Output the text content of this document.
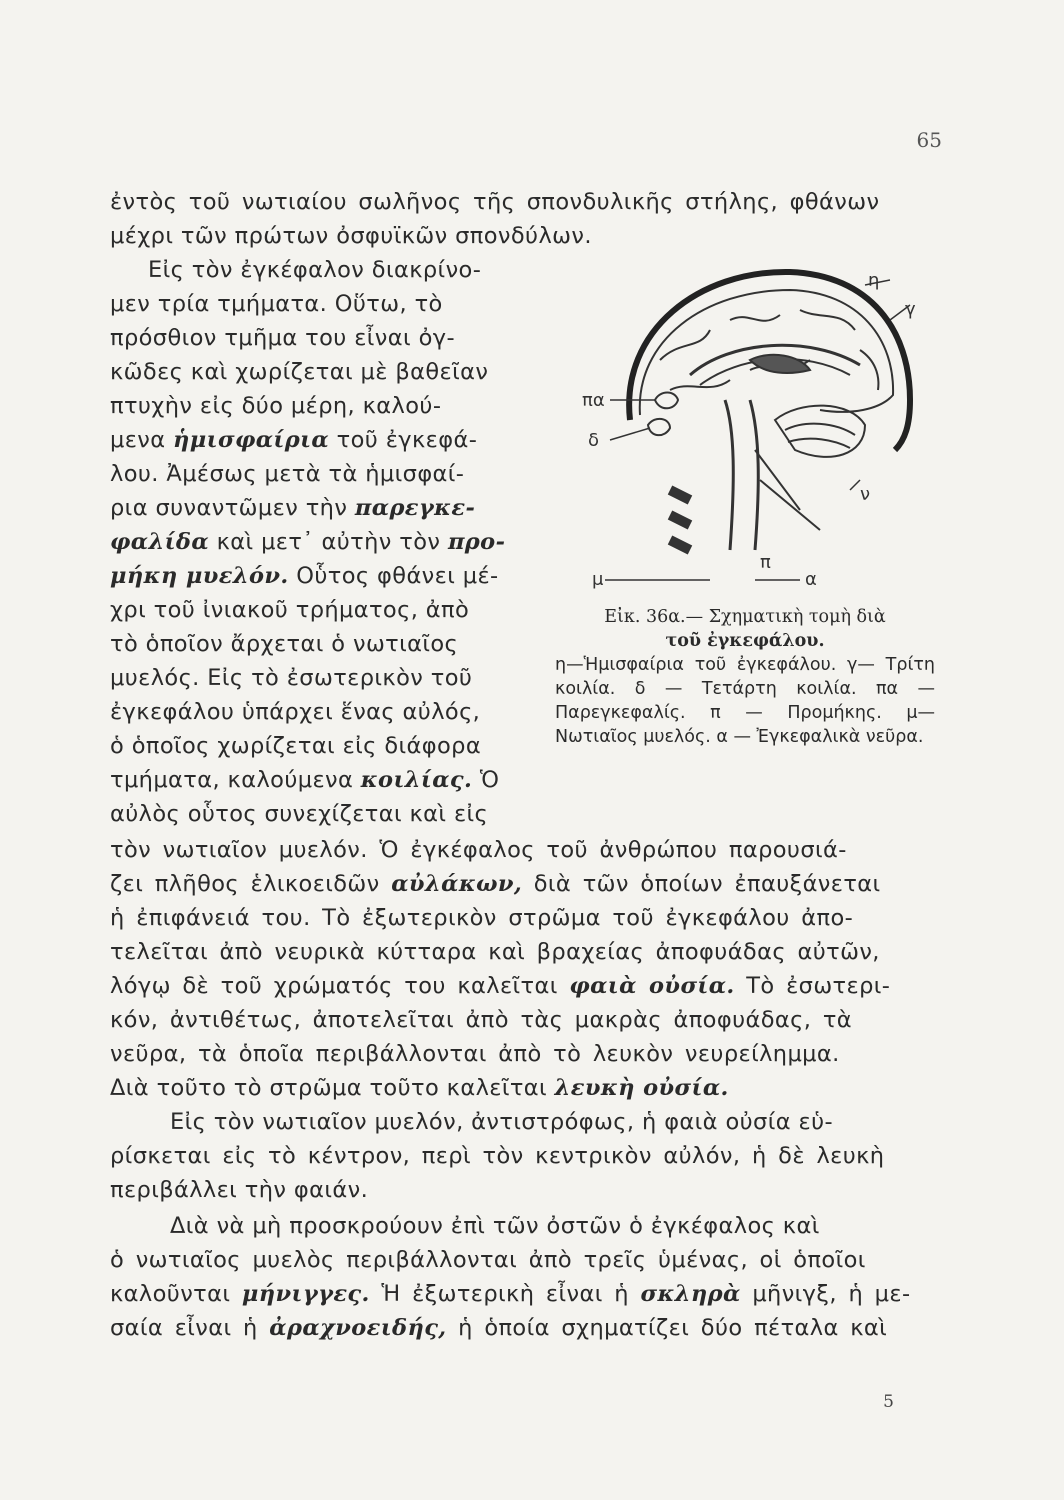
65
ἐντὸς τοῦ νωτιαίου σωλῆνος τῆς σπονδυλικῆς στήλης, φθάνων
μέχρι τῶν πρώτων ὀσφυϊκῶν σπονδύλων.
Εἰς τὸν ἐγκέφαλον διακρίνο-
μεν τρία τμήματα. Οὕτω, τὸ
πρόσθιον τμῆμα του εἶναι ὀγ-
κῶδες καὶ χωρίζεται μὲ βαθεῖαν
πτυχὴν εἰς δύο μέρη, καλού-
μενα ἡμισφαίρια τοῦ ἐγκεφά-
λου. Ἀμέσως μετὰ τὰ ἡμισφαί-
ρια συναντῶμεν τὴν παρεγκε-
φαλίδα καὶ μετ᾽ αὐτὴν τὸν προ-
μήκη μυελόν. Οὗτος φθάνει μέ-
χρι τοῦ ἰνιακοῦ τρήματος, ἀπὸ
τὸ ὁποῖον ἄρχεται ὁ νωτιαῖος
μυελός. Εἰς τὸ ἐσωτερικὸν τοῦ
ἐγκεφάλου ὑπάρχει ἕνας αὐλός,
ὁ ὁποῖος χωρίζεται εἰς διάφορα
τμήματα, καλούμενα κοιλίας. Ὁ
αὐλὸς οὗτος συνεχίζεται καὶ εἰς
τὸν νωτιαῖον μυελόν. Ὁ ἐγκέφαλος τοῦ ἀνθρώπου παρουσιά-
ζει πλῆθος ἑλικοειδῶν αὐλάκων, διὰ τῶν ὁποίων ἐπαυξάνεται
ἡ ἐπιφάνειά του. Τὸ ἐξωτερικὸν στρῶμα τοῦ ἐγκεφάλου ἀπο-
τελεῖται ἀπὸ νευρικὰ κύτταρα καὶ βραχείας ἀποφυάδας αὐτῶν,
λόγῳ δὲ τοῦ χρώματός του καλεῖται φαιὰ οὐσία. Τὸ ἐσωτερι-
κόν, ἀντιθέτως, ἀποτελεῖται ἀπὸ τὰς μακρὰς ἀποφυάδας, τὰ
νεῦρα, τὰ ὁποῖα περιβάλλονται ἀπὸ τὸ λευκὸν νευρείλημμα.
Διὰ τοῦτο τὸ στρῶμα τοῦτο καλεῖται λευκὴ οὐσία.
Εἰς τὸν νωτιαῖον μυελόν, ἀντιστρόφως, ἡ φαιὰ οὐσία εὑ-
ρίσκεται εἰς τὸ κέντρον, περὶ τὸν κεντρικὸν αὐλόν, ἡ δὲ λευκὴ
περιβάλλει τὴν φαιάν.
Διὰ νὰ μὴ προσκρούουν ἐπὶ τῶν ὀστῶν ὁ ἐγκέφαλος καὶ
ὁ νωτιαῖος μυελὸς περιβάλλονται ἀπὸ τρεῖς ὑμένας, οἱ ὁποῖοι
καλοῦνται μήνιγγες. Ἡ ἐξωτερικὴ εἶναι ἡ σκληρὰ μῆνιγξ, ἡ με-
σαία εἶναι ἡ ἀραχνοειδής, ἡ ὁποία σχηματίζει δύο πέταλα καὶ
η
γ
πα
δ
ν
μ
π
α
Εἰκ. 36α.— Σχηματικὴ τομὴ διὰ
τοῦ ἐγκεφάλου.
η—Ἡμισφαίρια τοῦ ἐγκεφάλου. γ— Τρίτη κοιλία. δ — Τετάρτη κοιλία. πα — Παρεγκεφαλίς. π — Προμήκης. μ—Νωτιαῖος μυελός. α — Ἐγκεφαλικὰ νεῦρα.
5
